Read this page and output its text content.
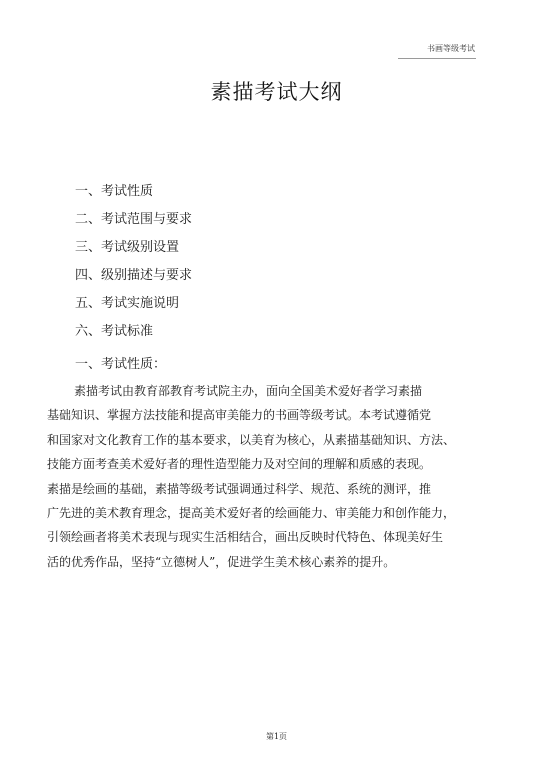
书画等级考试
素描考试大纲
一、考试性质
二、考试范围与要求
三、考试级别设置
四、级别描述与要求
五、考试实施说明
六、考试标准
一、考试性质：
素描考试由教育部教育考试院主办，面向全国美术爱好者学习素描
基础知识、掌握方法技能和提高审美能力的书画等级考试。本考试遵循党
和国家对文化教育工作的基本要求，以美育为核心，从素描基础知识、方法、
技能方面考查美术爱好者的理性造型能力及对空间的理解和质感的表现。
素描是绘画的基础，素描等级考试强调通过科学、规范、系统的测评，推
广先进的美术教育理念，提高美术爱好者的绘画能力、审美能力和创作能力，
引领绘画者将美术表现与现实生活相结合，画出反映时代特色、体现美好生
活的优秀作品，坚持“立德树人”，促进学生美术核心素养的提升。
第1页
